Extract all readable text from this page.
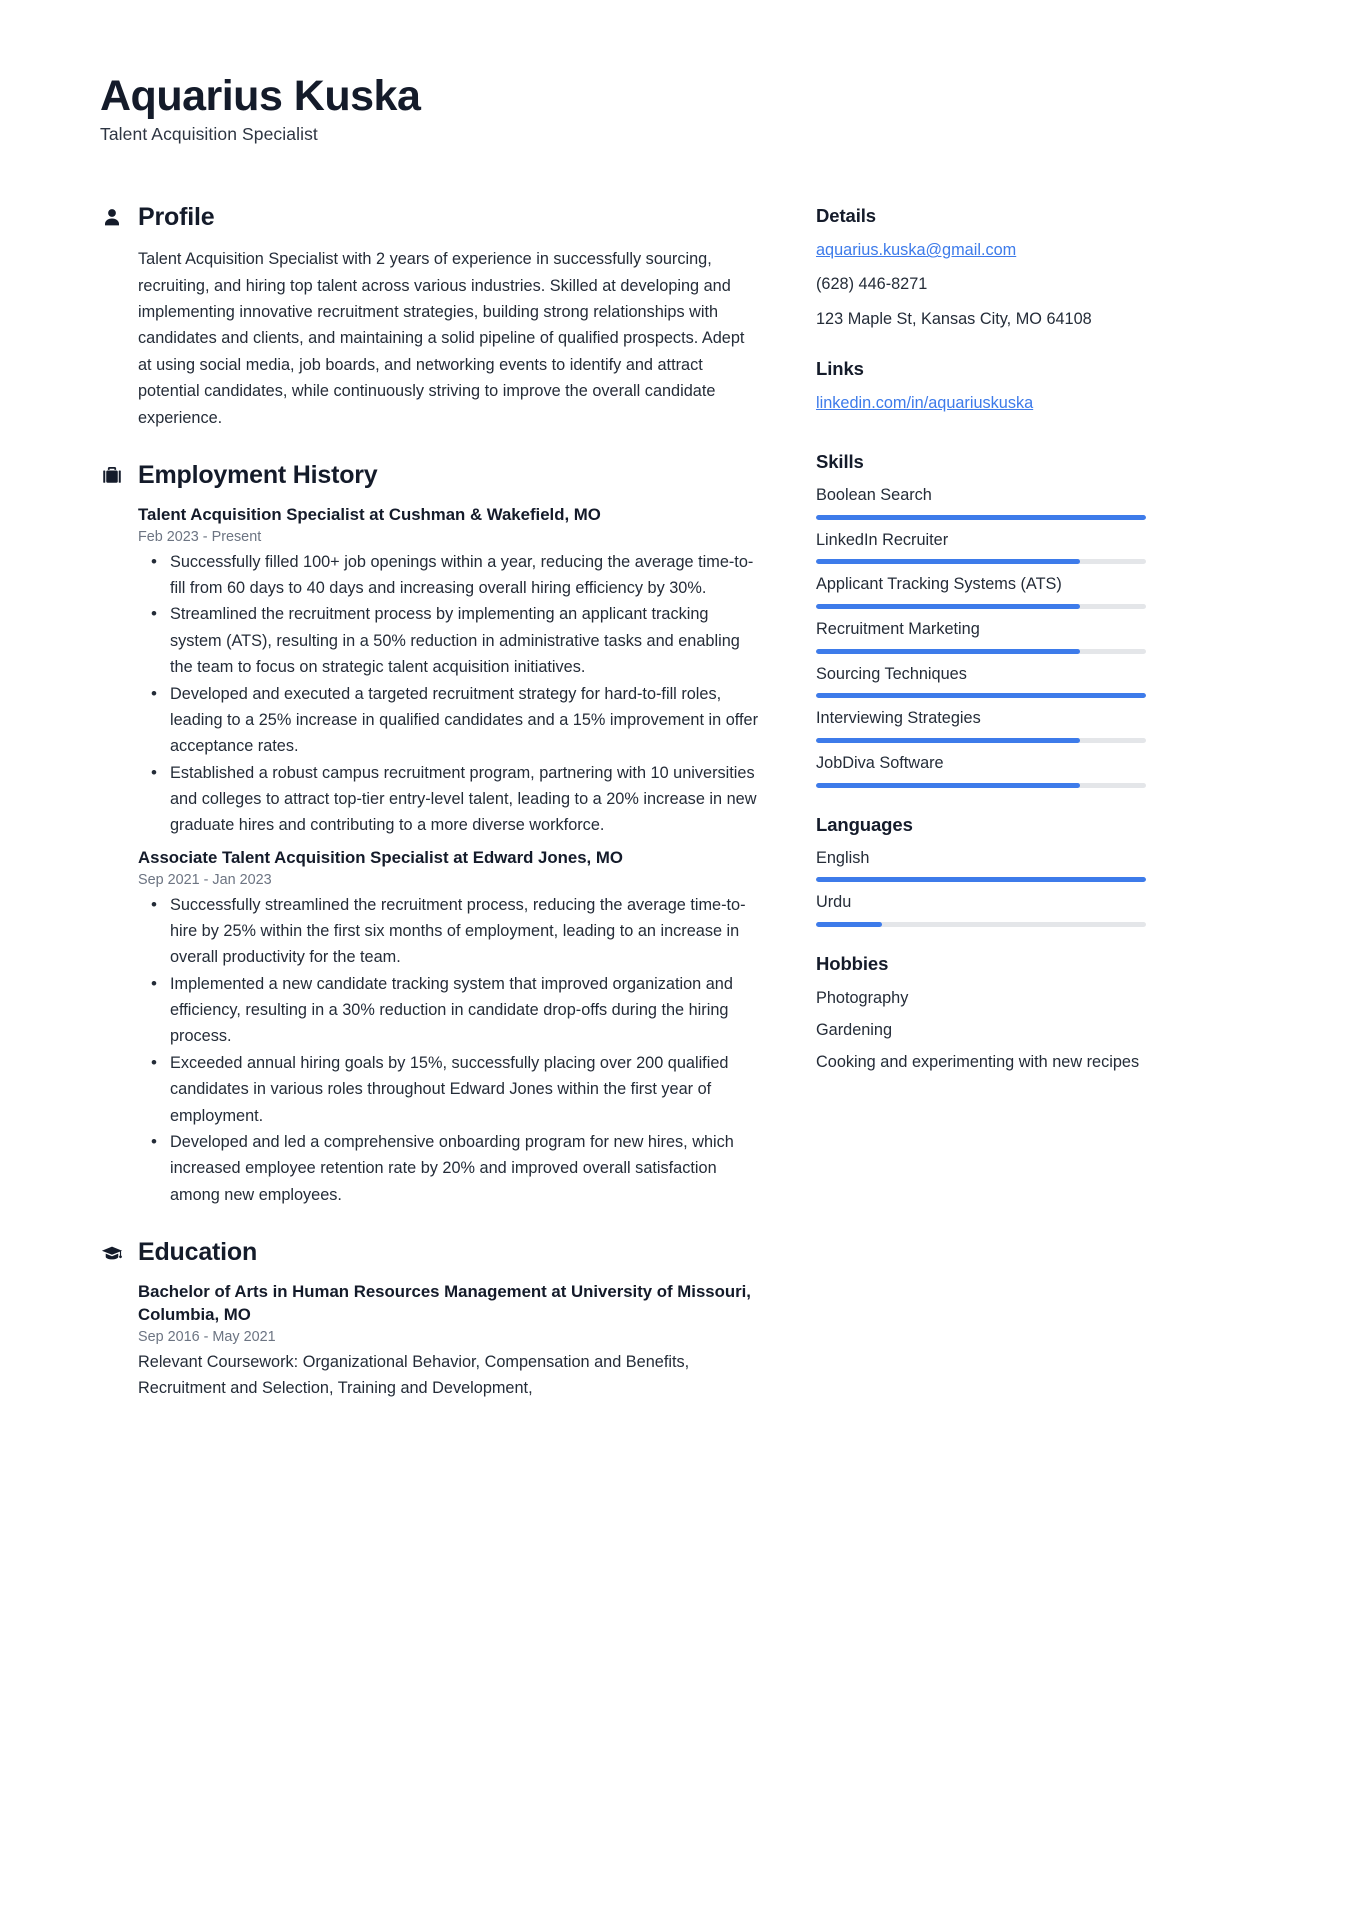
Aquarius Kuska
Talent Acquisition Specialist
Profile

Talent Acquisition Specialist with 2 years of experience in successfully sourcing, recruiting, and hiring top talent across various industries. Skilled at developing and implementing innovative recruitment strategies, building strong relationships with candidates and clients, and maintaining a solid pipeline of qualified prospects. Adept at using social media, job boards, and networking events to identify and attract potential candidates, while continuously striving to improve the overall candidate experience.

Employment History
Talent Acquisition Specialist at Cushman & Wakefield, MO
Feb 2023 - Present
• Successfully filled 100+ job openings within a year, reducing the average time-to-fill from 60 days to 40 days and increasing overall hiring efficiency by 30%.
• Streamlined the recruitment process by implementing an applicant tracking system (ATS), resulting in a 50% reduction in administrative tasks and enabling the team to focus on strategic talent acquisition initiatives.
• Developed and executed a targeted recruitment strategy for hard-to-fill roles, leading to a 25% increase in qualified candidates and a 15% improvement in offer acceptance rates.
• Established a robust campus recruitment program, partnering with 10 universities and colleges to attract top-tier entry-level talent, leading to a 20% increase in new graduate hires and contributing to a more diverse workforce.
Associate Talent Acquisition Specialist at Edward Jones, MO
Sep 2021 - Jan 2023
• Successfully streamlined the recruitment process, reducing the average time-to-hire by 25% within the first six months of employment, leading to an increase in overall productivity for the team.
• Implemented a new candidate tracking system that improved organization and efficiency, resulting in a 30% reduction in candidate drop-offs during the hiring process.
• Exceeded annual hiring goals by 15%, successfully placing over 200 qualified candidates in various roles throughout Edward Jones within the first year of employment.
• Developed and led a comprehensive onboarding program for new hires, which increased employee retention rate by 20% and improved overall satisfaction among new employees.
Education
Bachelor of Arts in Human Resources Management at University of Missouri, Columbia, MO
Sep 2016 - May 2021
Relevant Coursework: Organizational Behavior, Compensation and Benefits, Recruitment and Selection, Training and Development,
Details
aquarius.kuska@gmail.com
(628) 446-8271
123 Maple St, Kansas City, MO 64108
Links
linkedin.com/in/aquariuskuska
Skills
Boolean Search
LinkedIn Recruiter
Applicant Tracking Systems (ATS)
Recruitment Marketing
Sourcing Techniques
Interviewing Strategies
JobDiva Software
Languages
English
Urdu
Hobbies
Photography
Gardening
Cooking and experimenting with new recipes
